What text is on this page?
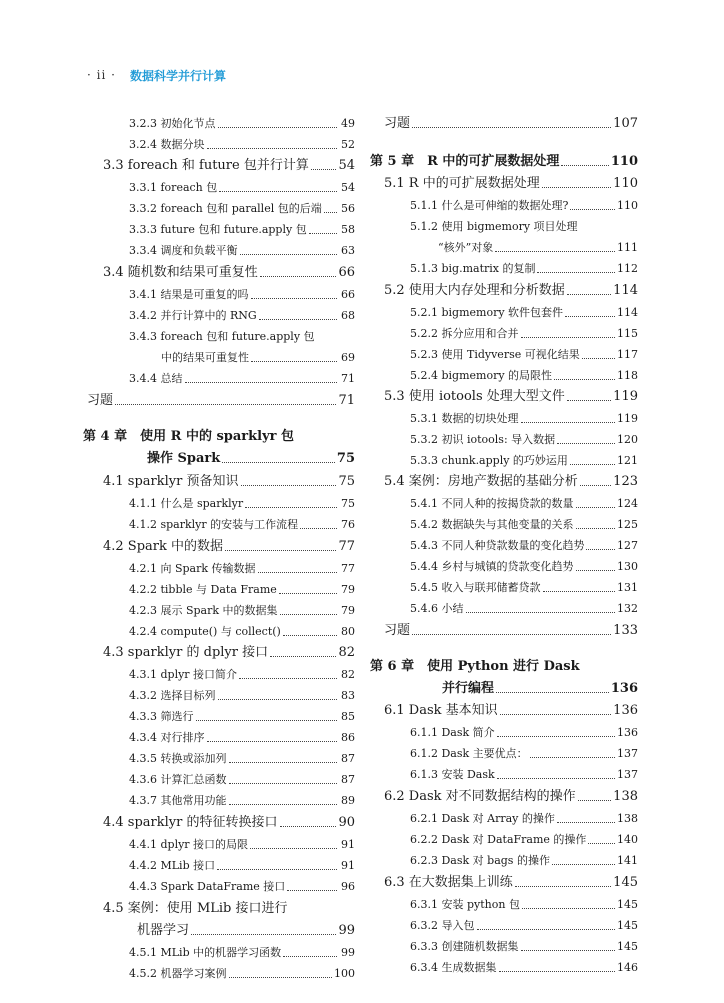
· ii · 数据科学并行计算
3.2.3 初始化节点	49
3.2.4 数据分块	52
3.3 foreach 和 future 包并行计算 54
3.3.1 foreach 包	54
3.3.2 foreach 包和 parallel 包的后端 56
3.3.3 future 包和 future.apply 包	58
3.3.4 调度和负载平衡	63
3.4 随机数和结果可重复性	66
3.4.1 结果是可重复的吗	66
3.4.2 并行计算中的 RNG	68
3.4.3 foreach 包和 future.apply 包
中的结果可重复性	69
3.4.4 总结	71
习题	71
第 4 章　使用 R 中的 sparklyr 包
操作 Spark	75
4.1 sparklyr 预备知识	75
4.1.1 什么是 sparklyr	75
4.1.2 sparklyr 的安装与工作流程	76
4.2 Spark 中的数据	77
4.2.1 向 Spark 传输数据	77
4.2.2 tibble 与 Data Frame	79
4.2.3 展示 Spark 中的数据集	79
4.2.4 compute() 与 collect()	80
4.3 sparklyr 的 dplyr 接口	82
4.3.1 dplyr 接口简介	82
4.3.2 选择目标列	83
4.3.3 筛选行	85
4.3.4 对行排序	86
4.3.5 转换或添加列	87
4.3.6 计算汇总函数	87
4.3.7 其他常用功能	89
4.4 sparklyr 的特征转换接口	90
4.4.1 dplyr 接口的局限	91
4.4.2 MLib 接口	91
4.4.3 Spark DataFrame 接口	96
4.5 案例：使用 MLib 接口进行
机器学习	99
4.5.1 MLib 中的机器学习函数	99
4.5.2 机器学习案例	100
习题	107
第 5 章　R 中的可扩展数据处理	110
5.1 R 中的可扩展数据处理	110
5.1.1 什么是可伸缩的数据处理?	110
5.1.2 使用 bigmemory 项目处理
“核外”对象	111
5.1.3 big.matrix 的复制	112
5.2 使用大内存处理和分析数据	114
5.2.1 bigmemory 软件包套件	114
5.2.2 拆分应用和合并	115
5.2.3 使用 Tidyverse 可视化结果	117
5.2.4 bigmemory 的局限性	118
5.3 使用 iotools 处理大型文件	119
5.3.1 数据的切块处理	119
5.3.2 初识 iotools: 导入数据	120
5.3.3 chunk.apply 的巧妙运用	121
5.4 案例：房地产数据的基础分析	123
5.4.1 不同人种的按揭贷款的数量	124
5.4.2 数据缺失与其他变量的关系	125
5.4.3 不同人种贷款数量的变化趋势	127
5.4.4 乡村与城镇的贷款变化趋势	130
5.4.5 收入与联邦储蓄贷款	131
5.4.6 小结	132
习题	133
第 6 章　使用 Python 进行 Dask
并行编程	136
6.1 Dask 基本知识	136
6.1.1 Dask 简介	136
6.1.2 Dask 主要优点：	137
6.1.3 安装 Dask	137
6.2 Dask 对不同数据结构的操作	138
6.2.1 Dask 对 Array 的操作	138
6.2.2 Dask 对 DataFrame 的操作	140
6.2.3 Dask 对 bags 的操作	141
6.3 在大数据集上训练	145
6.3.1 安装 python 包	145
6.3.2 导入包	145
6.3.3 创建随机数据集	145
6.3.4 生成数据集	146
